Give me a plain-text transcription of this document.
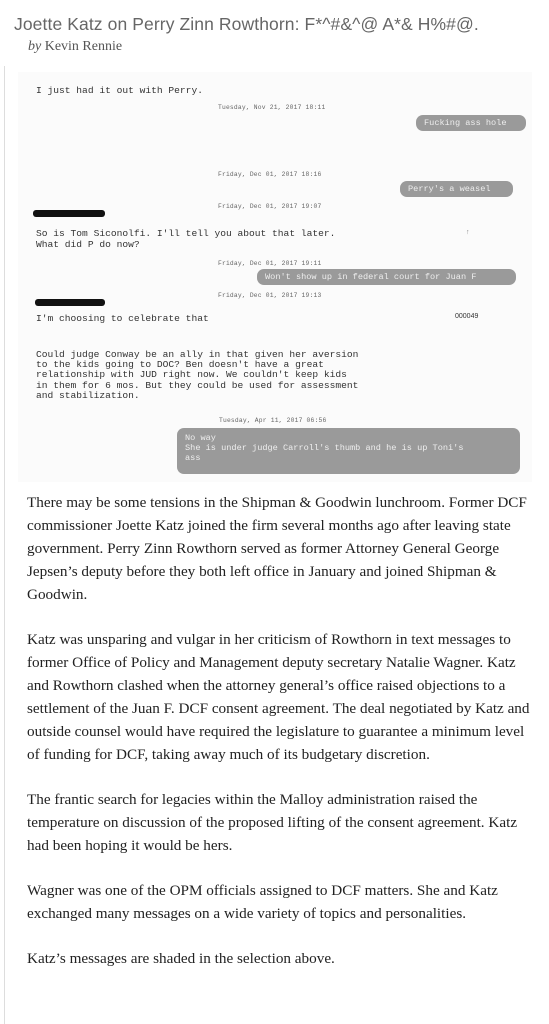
Joette Katz on Perry Zinn Rowthorn: F*^#&^@ A*& H%#@.
by Kevin Rennie
I just had it out with Perry.
Tuesday, Nov 21, 2017 18:11
Fucking ass hole
Friday, Dec 01, 2017 18:16
Perry's a weasel
Friday, Dec 01, 2017 19:07
So is Tom Siconolfi. I'll tell you about that later.
What did P do now?
↑
Friday, Dec 01, 2017 19:11
Won't show up in federal court for Juan F
Friday, Dec 01, 2017 19:13
I'm choosing to celebrate that	000049
Could judge Conway be an ally in that given her aversion
to the kids going to DOC? Ben doesn't have a great
relationship with JUD right now. We couldn't keep kids
in them for 6 mos. But they could be used for assessment
and stabilization.
Tuesday, Apr 11, 2017 06:56
No way
She is under judge Carroll's thumb and he is up Toni's
ass

There may be some tensions in the Shipman & Goodwin lunchroom. Former DCF commissioner Joette Katz joined the firm several months ago after leaving state government. Perry Zinn Rowthorn served as former Attorney General George Jepsen’s deputy before they both left office in January and joined Shipman & Goodwin.

Katz was unsparing and vulgar in her criticism of Rowthorn in text messages to former Office of Policy and Management deputy secretary Natalie Wagner. Katz and Rowthorn clashed when the attorney general’s office raised objections to a settlement of the Juan F. DCF consent agreement. The deal negotiated by Katz and outside counsel would have required the legislature to guarantee a minimum level of funding for DCF, taking away much of its budgetary discretion.

The frantic search for legacies within the Malloy administration raised the temperature on discussion of the proposed lifting of the consent agreement. Katz had been hoping it would be hers.

Wagner was one of the OPM officials assigned to DCF matters. She and Katz exchanged many messages on a wide variety of topics and personalities.

Katz’s messages are shaded in the selection above.
